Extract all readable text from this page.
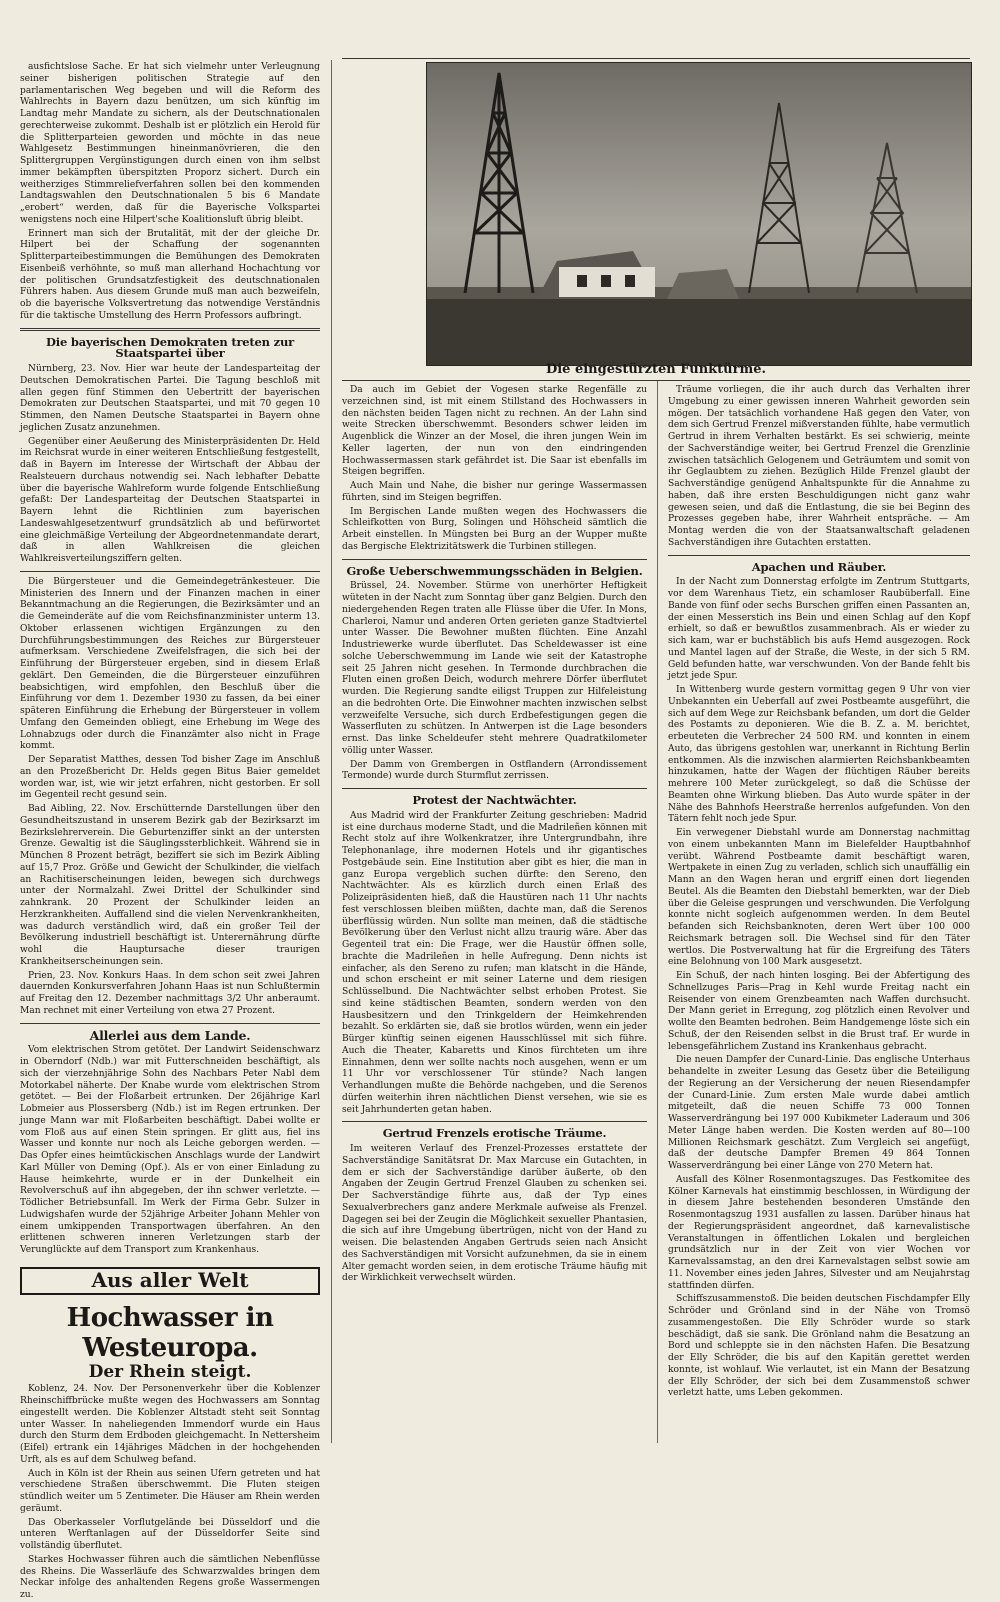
ausfichtslose Sache. Er hat sich vielmehr unter Verleugnung seiner bisherigen politischen Strategie auf den parlamentarischen Weg begeben und will die Reform des Wahlrechts in Bayern dazu benützen, um sich künftig im Landtag mehr Mandate zu sichern, als der Deutschnationalen gerechterweise zukommt. Deshalb ist er plötzlich ein Herold für die Splitterparteien geworden und möchte in das neue Wahlgesetz Bestimmungen hineinmanövrieren, die den Splittergruppen Vergünstigungen durch einen von ihm selbst immer bekämpften überspitzten Proporz sichert. Durch ein weitherziges Stimmreliefverfahren sollen bei den kommenden Landtagswahlen den Deutschnationalen 5 bis 6 Mandate „erobert“ werden, daß für die Bayerische Volkspartei wenigstens noch eine Hilpert'sche Koalitionsluft übrig bleibt.

Erinnert man sich der Brutalität, mit der der gleiche Dr. Hilpert bei der Schaffung der sogenannten Splitterparteibestimmungen die Bemühungen des Demokraten Eisenbeiß verhöhnte, so muß man allerhand Hochachtung vor der politischen Grundsatzfestigkeit des deutschnationalen Führers haben. Aus diesem Grunde muß man auch bezweifeln, ob die bayerische Volksvertretung das notwendige Verständnis für die taktische Umstellung des Herrn Professors aufbringt.

Die bayerischen Demokraten treten zur Staatspartei über

Nürnberg, 23. Nov. Hier war heute der Landesparteitag der Deutschen Demokratischen Partei. Die Tagung beschloß mit allen gegen fünf Stimmen den Uebertritt der bayerischen Demokraten zur Deutschen Staatspartei, und mit 70 gegen 10 Stimmen, den Namen Deutsche Staatspartei in Bayern ohne jeglichen Zusatz anzunehmen.

Gegenüber einer Aeußerung des Ministerpräsidenten Dr. Held im Reichsrat wurde in einer weiteren Entschließung festgestellt, daß in Bayern im Interesse der Wirtschaft der Abbau der Realsteuern durchaus notwendig sei. Nach lebhafter Debatte über die bayerische Wahlreform wurde folgende Entschließung gefaßt: Der Landesparteitag der Deutschen Staatspartei in Bayern lehnt die Richtlinien zum bayerischen Landeswahlgesetzentwurf grundsätzlich ab und befürwortet eine gleichmäßige Verteilung der Abgeordnetenmandate derart, daß in allen Wahlkreisen die gleichen Wahlkreisverteilungsziffern gelten.

Die Bürgersteuer und die Gemeindegetränkesteuer. Die Ministerien des Innern und der Finanzen machen in einer Bekanntmachung an die Regierungen, die Bezirksämter und an die Gemeinderäte auf die vom Reichsfinanzminister unterm 13. Oktober erlassenen wichtigen Ergänzungen zu den Durchführungsbestimmungen des Reiches zur Bürgersteuer aufmerksam. Verschiedene Zweifelsfragen, die sich bei der Einführung der Bürgersteuer ergeben, sind in diesem Erlaß geklärt. Den Gemeinden, die die Bürgersteuer einzuführen beabsichtigen, wird empfohlen, den Beschluß über die Einführung vor dem 1. Dezember 1930 zu fassen, da bei einer späteren Einführung die Erhebung der Bürgersteuer in vollem Umfang den Gemeinden obliegt, eine Erhebung im Wege des Lohnabzugs oder durch die Finanzämter also nicht in Frage kommt.

Der Separatist Matthes, dessen Tod bisher Zage im Anschluß an den Prozeßbericht Dr. Helds gegen Bitus Baier gemeldet worden war, ist, wie wir jetzt erfahren, nicht gestorben. Er soll im Gegenteil recht gesund sein.

Bad Aibling, 22. Nov. Erschütternde Darstellungen über den Gesundheitszustand in unserem Bezirk gab der Bezirksarzt im Bezirkslehrerverein. Die Geburtenziffer sinkt an der untersten Grenze. Gewaltig ist die Säuglingssterblichkeit. Während sie in München 8 Prozent beträgt, beziffert sie sich im Bezirk Aibling auf 15,7 Proz. Größe und Gewicht der Schulkinder, die vielfach an Rachitiserscheinungen leiden, bewegen sich durchwegs unter der Normalzahl. Zwei Drittel der Schulkinder sind zahnkrank. 20 Prozent der Schulkinder leiden an Herzkrankheiten. Auffallend sind die vielen Nervenkrankheiten, was dadurch verständlich wird, daß ein großer Teil der Bevölkerung industriell beschäftigt ist. Unterernährung dürfte wohl die Hauptursache dieser traurigen Krankheitserscheinungen sein.

Prien, 23. Nov. Konkurs Haas. In dem schon seit zwei Jahren dauernden Konkursverfahren Johann Haas ist nun Schlußtermin auf Freitag den 12. Dezember nachmittags 3/2 Uhr anberaumt. Man rechnet mit einer Verteilung von etwa 27 Prozent.

Allerlei aus dem Lande.

Vom elektrischen Strom getötet. Der Landwirt Seidenschwarz in Oberndorf (Ndb.) war mit Futterschneiden beschäftigt, als sich der vierzehnjährige Sohn des Nachbars Peter Nabl dem Motorkabel näherte. Der Knabe wurde vom elektrischen Strom getötet. — Bei der Floßarbeit ertrunken. Der 26jährige Karl Lobmeier aus Plossersberg (Ndb.) ist im Regen ertrunken. Der junge Mann war mit Floßarbeiten beschäftigt. Dabei wollte er vom Floß aus auf einen Stein springen. Er glitt aus, fiel ins Wasser und konnte nur noch als Leiche geborgen werden. — Das Opfer eines heimtückischen Anschlags wurde der Landwirt Karl Müller von Deming (Opf.). Als er von einer Einladung zu Hause heimkehrte, wurde er in der Dunkelheit ein Revolverschuß auf ihn abgegeben, der ihn schwer verletzte. — Tödlicher Betriebsunfall. Im Werk der Firma Gebr. Sulzer in Ludwigshafen wurde der 52jährige Arbeiter Johann Mehler von einem umkippenden Transportwagen überfahren. An den erlittenen schweren inneren Verletzungen starb der Verunglückte auf dem Transport zum Krankenhaus.

Aus aller Welt
Hochwasser in Westeuropa.
Der Rhein steigt.

Koblenz, 24. Nov. Der Personenverkehr über die Koblenzer Rheinschiffbrücke mußte wegen des Hochwassers am Sonntag eingestellt werden. Die Koblenzer Altstadt steht seit Sonntag unter Wasser. In naheliegenden Immendorf wurde ein Haus durch den Sturm dem Erdboden gleichgemacht. In Nettersheim (Eifel) ertrank ein 14jähriges Mädchen in der hochgehenden Urft, als es auf dem Schulweg befand.

Auch in Köln ist der Rhein aus seinen Ufern getreten und hat verschiedene Straßen überschwemmt. Die Fluten steigen stündlich weiter um 5 Zentimeter. Die Häuser am Rhein werden geräumt.

Das Oberkasseler Vorflutgelände bei Düsseldorf und die unteren Werftanlagen auf der Düsseldorfer Seite sind vollständig überflutet.

Starkes Hochwasser führen auch die sämtlichen Nebenflüsse des Rheins. Die Wasserläufe des Schwarzwaldes bringen dem Neckar infolge des anhaltenden Regens große Wassermengen zu.

Die eingestürzten Funktürme.

Da auch im Gebiet der Vogesen starke Regenfälle zu verzeichnen sind, ist mit einem Stillstand des Hochwassers in den nächsten beiden Tagen nicht zu rechnen. An der Lahn sind weite Strecken überschwemmt. Besonders schwer leiden im Augenblick die Winzer an der Mosel, die ihren jungen Wein im Keller lagerten, der nun von den eindringenden Hochwassermassen stark gefährdet ist. Die Saar ist ebenfalls im Steigen begriffen.

Auch Main und Nahe, die bisher nur geringe Wassermassen führten, sind im Steigen begriffen.

Im Bergischen Lande mußten wegen des Hochwassers die Schleifkotten von Burg, Solingen und Höhscheid sämtlich die Arbeit einstellen. In Müngsten bei Burg an der Wupper mußte das Bergische Elektrizitätswerk die Turbinen stillegen.

Große Ueberschwemmungsschäden in Belgien.

Brüssel, 24. November. Stürme von unerhörter Heftigkeit wüteten in der Nacht zum Sonntag über ganz Belgien. Durch den niedergehenden Regen traten alle Flüsse über die Ufer. In Mons, Charleroi, Namur und anderen Orten gerieten ganze Stadtviertel unter Wasser. Die Bewohner mußten flüchten. Eine Anzahl Industriewerke wurde überflutet. Das Scheldewasser ist eine solche Ueberschwemmung im Lande wie seit der Katastrophe seit 25 Jahren nicht gesehen. In Termonde durchbrachen die Fluten einen großen Deich, wodurch mehrere Dörfer überflutet wurden. Die Regierung sandte eiligst Truppen zur Hilfeleistung an die bedrohten Orte. Die Einwohner machten inzwischen selbst verzweifelte Versuche, sich durch Erdbefestigungen gegen die Wasserfluten zu schützen. In Antwerpen ist die Lage besonders ernst. Das linke Scheldeufer steht mehrere Quadratkilometer völlig unter Wasser.

Der Damm von Grembergen in Ostflandern (Arrondissement Termonde) wurde durch Sturmflut zerrissen.

Protest der Nachtwächter.

Aus Madrid wird der Frankfurter Zeitung geschrieben: Madrid ist eine durchaus moderne Stadt, und die Madrileñen können mit Recht stolz auf ihre Wolkenkratzer, ihre Untergrundbahn, ihre Telephonanlage, ihre modernen Hotels und ihr gigantisches Postgebäude sein. Eine Institution aber gibt es hier, die man in ganz Europa vergeblich suchen dürfte: den Sereno, den Nachtwächter. Als es kürzlich durch einen Erlaß des Polizeipräsidenten hieß, daß die Haustüren nach 11 Uhr nachts fest verschlossen bleiben müßten, dachte man, daß die Serenos überflüssig würden. Nun sollte man meinen, daß die städtische Bevölkerung über den Verlust nicht allzu traurig wäre. Aber das Gegenteil trat ein: Die Frage, wer die Haustür öffnen solle, brachte die Madrileñen in helle Aufregung. Denn nichts ist einfacher, als den Sereno zu rufen; man klatscht in die Hände, und schon erscheint er mit seiner Laterne und dem riesigen Schlüsselbund. Die Nachtwächter selbst erhoben Protest. Sie sind keine städtischen Beamten, sondern werden von den Hausbesitzern und den Trinkgeldern der Heimkehrenden bezahlt. So erklärten sie, daß sie brotlos würden, wenn ein jeder Bürger künftig seinen eigenen Hausschlüssel mit sich führe. Auch die Theater, Kabaretts und Kinos fürchteten um ihre Einnahmen, denn wer sollte nachts noch ausgehen, wenn er um 11 Uhr vor verschlossener Tür stünde? Nach langen Verhandlungen mußte die Behörde nachgeben, und die Serenos dürfen weiterhin ihren nächtlichen Dienst versehen, wie sie es seit Jahrhunderten getan haben.

Gertrud Frenzels erotische Träume.

Im weiteren Verlauf des Frenzel-Prozesses erstattete der Sachverständige Sanitätsrat Dr. Max Marcuse ein Gutachten, in dem er sich der Sachverständige darüber äußerte, ob den Angaben der Zeugin Gertrud Frenzel Glauben zu schenken sei. Der Sachverständige führte aus, daß der Typ eines Sexualverbrechers ganz andere Merkmale aufweise als Frenzel. Dagegen sei bei der Zeugin die Möglichkeit sexueller Phantasien, die sich auf ihre Umgebung übertrügen, nicht von der Hand zu weisen. Die belastenden Angaben Gertruds seien nach Ansicht des Sachverständigen mit Vorsicht aufzunehmen, da sie in einem Alter gemacht worden seien, in dem erotische Träume häufig mit der Wirklichkeit verwechselt würden.

Träume vorliegen, die ihr auch durch das Verhalten ihrer Umgebung zu einer gewissen inneren Wahrheit geworden sein mögen. Der tatsächlich vorhandene Haß gegen den Vater, von dem sich Gertrud Frenzel mißverstanden fühlte, habe vermutlich Gertrud in ihrem Verhalten bestärkt. Es sei schwierig, meinte der Sachverständige weiter, bei Gertrud Frenzel die Grenzlinie zwischen tatsächlich Gelogenem und Geträumtem und somit von ihr Geglaubtem zu ziehen. Bezüglich Hilde Frenzel glaubt der Sachverständige genügend Anhaltspunkte für die Annahme zu haben, daß ihre ersten Beschuldigungen nicht ganz wahr gewesen seien, und daß die Entlastung, die sie bei Beginn des Prozesses gegeben habe, ihrer Wahrheit entspräche. — Am Montag werden die von der Staatsanwaltschaft geladenen Sachverständigen ihre Gutachten erstatten.

Apachen und Räuber.

In der Nacht zum Donnerstag erfolgte im Zentrum Stuttgarts, vor dem Warenhaus Tietz, ein schamloser Raubüberfall. Eine Bande von fünf oder sechs Burschen griffen einen Passanten an, der einen Messerstich ins Bein und einen Schlag auf den Kopf erhielt, so daß er bewußtlos zusammenbrach. Als er wieder zu sich kam, war er buchstäblich bis aufs Hemd ausgezogen. Rock und Mantel lagen auf der Straße, die Weste, in der sich 5 RM. Geld befunden hatte, war verschwunden. Von der Bande fehlt bis jetzt jede Spur.

In Wittenberg wurde gestern vormittag gegen 9 Uhr von vier Unbekannten ein Ueberfall auf zwei Postbeamte ausgeführt, die sich auf dem Wege zur Reichsbank befanden, um dort die Gelder des Postamts zu deponieren. Wie die B. Z. a. M. berichtet, erbeuteten die Verbrecher 24 500 RM. und konnten in einem Auto, das übrigens gestohlen war, unerkannt in Richtung Berlin entkommen. Als die inzwischen alarmierten Reichsbankbeamten hinzukamen, hatte der Wagen der flüchtigen Räuber bereits mehrere 100 Meter zurückgelegt, so daß die Schüsse der Beamten ohne Wirkung blieben. Das Auto wurde später in der Nähe des Bahnhofs Heerstraße herrenlos aufgefunden. Von den Tätern fehlt noch jede Spur.

Ein verwegener Diebstahl wurde am Donnerstag nachmittag von einem unbekannten Mann im Bielefelder Hauptbahnhof verübt. Während Postbeamte damit beschäftigt waren, Wertpakete in einen Zug zu verladen, schlich sich unauffällig ein Mann an den Wagen heran und ergriff einen dort liegenden Beutel. Als die Beamten den Diebstahl bemerkten, war der Dieb über die Geleise gesprungen und verschwunden. Die Verfolgung konnte nicht sogleich aufgenommen werden. In dem Beutel befanden sich Reichsbanknoten, deren Wert über 100 000 Reichsmark betragen soll. Die Wechsel sind für den Täter wertlos. Die Postverwaltung hat für die Ergreifung des Täters eine Belohnung von 100 Mark ausgesetzt.

Ein Schuß, der nach hinten losging. Bei der Abfertigung des Schnellzuges Paris—Prag in Kehl wurde Freitag nacht ein Reisender von einem Grenzbeamten nach Waffen durchsucht. Der Mann geriet in Erregung, zog plötzlich einen Revolver und wollte den Beamten bedrohen. Beim Handgemenge löste sich ein Schuß, der den Reisenden selbst in die Brust traf. Er wurde in lebensgefährlichem Zustand ins Krankenhaus gebracht.

Die neuen Dampfer der Cunard-Linie. Das englische Unterhaus behandelte in zweiter Lesung das Gesetz über die Beteiligung der Regierung an der Versicherung der neuen Riesendampfer der Cunard-Linie. Zum ersten Male wurde dabei amtlich mitgeteilt, daß die neuen Schiffe 73 000 Tonnen Wasserverdrängung bei 197 000 Kubikmeter Laderaum und 306 Meter Länge haben werden. Die Kosten werden auf 80—100 Millionen Reichsmark geschätzt. Zum Vergleich sei angefügt, daß der deutsche Dampfer Bremen 49 864 Tonnen Wasserverdrängung bei einer Länge von 270 Metern hat.

Ausfall des Kölner Rosenmontagszuges. Das Festkomitee des Kölner Karnevals hat einstimmig beschlossen, in Würdigung der in diesem Jahre bestehenden besonderen Umstände den Rosenmontagszug 1931 ausfallen zu lassen. Darüber hinaus hat der Regierungspräsident angeordnet, daß karnevalistische Veranstaltungen in öffentlichen Lokalen und bergleichen grundsätzlich nur in der Zeit von vier Wochen vor Karnevalssamstag, an den drei Karnevalstagen selbst sowie am 11. November eines jeden Jahres, Silvester und am Neujahrstag stattfinden dürfen.

Schiffszusammenstoß. Die beiden deutschen Fischdampfer Elly Schröder und Grönland sind in der Nähe von Tromsö zusammengestoßen. Die Elly Schröder wurde so stark beschädigt, daß sie sank. Die Grönland nahm die Besatzung an Bord und schleppte sie in den nächsten Hafen. Die Besatzung der Elly Schröder, die bis auf den Kapitän gerettet werden konnte, ist wohlauf. Wie verlautet, ist ein Mann der Besatzung der Elly Schröder, der sich bei dem Zusammenstoß schwer verletzt hatte, ums Leben gekommen.
